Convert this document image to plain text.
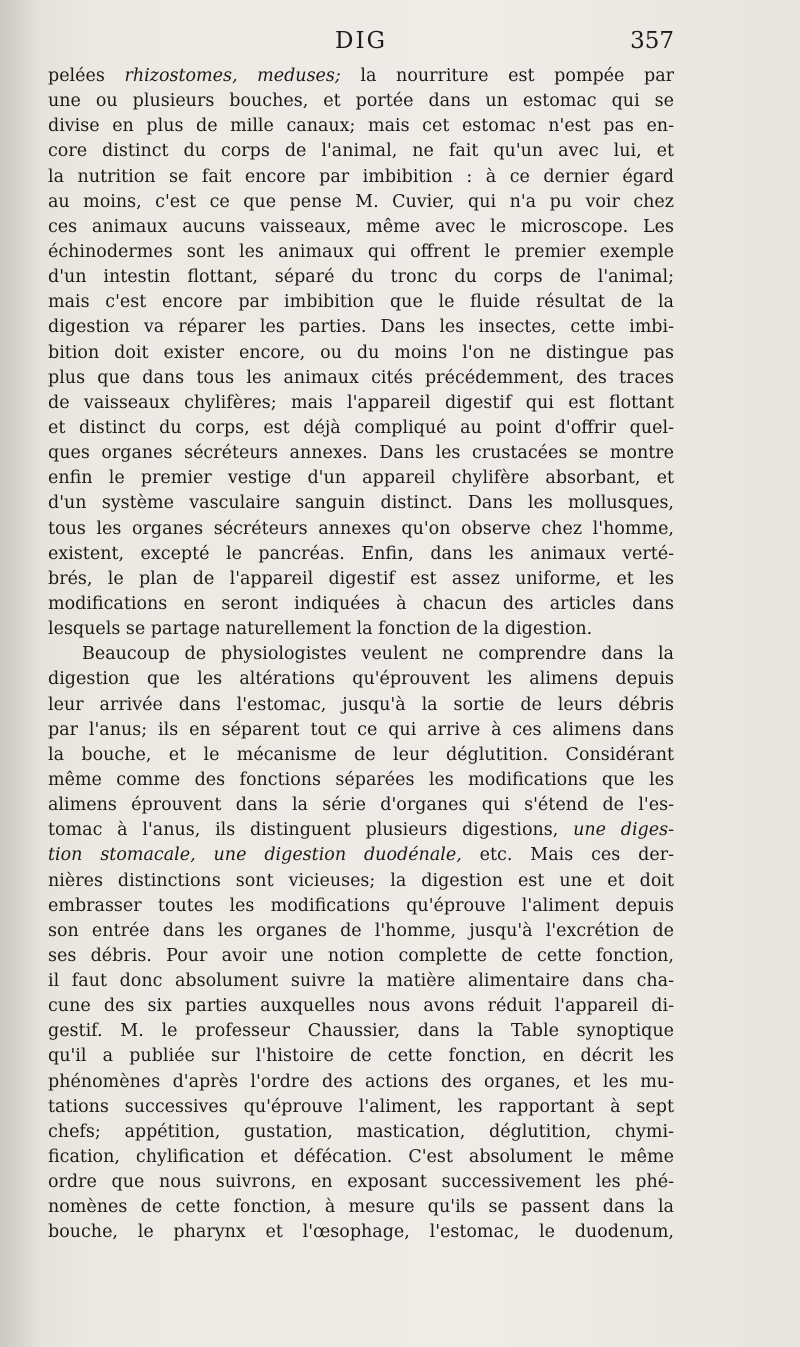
DIG	357
pelées rhizostomes, meduses; la nourriture est pompée par
une ou plusieurs bouches, et portée dans un estomac qui se
divise en plus de mille canaux; mais cet estomac n'est pas en-
core distinct du corps de l'animal, ne fait qu'un avec lui, et
la nutrition se fait encore par imbibition : à ce dernier égard
au moins, c'est ce que pense M. Cuvier, qui n'a pu voir chez
ces animaux aucuns vaisseaux, même avec le microscope. Les
échinodermes sont les animaux qui offrent le premier exemple
d'un intestin flottant, séparé du tronc du corps de l'animal;
mais c'est encore par imbibition que le fluide résultat de la
digestion va réparer les parties. Dans les insectes, cette imbi-
bition doit exister encore, ou du moins l'on ne distingue pas
plus que dans tous les animaux cités précédemment, des traces
de vaisseaux chylifères; mais l'appareil digestif qui est flottant
et distinct du corps, est déjà compliqué au point d'offrir quel-
ques organes sécréteurs annexes. Dans les crustacées se montre
enfin le premier vestige d'un appareil chylifère absorbant, et
d'un système vasculaire sanguin distinct. Dans les mollusques,
tous les organes sécréteurs annexes qu'on observe chez l'homme,
existent, excepté le pancréas. Enfin, dans les animaux verté-
brés, le plan de l'appareil digestif est assez uniforme, et les
modifications en seront indiquées à chacun des articles dans
lesquels se partage naturellement la fonction de la digestion.
Beaucoup de physiologistes veulent ne comprendre dans la
digestion que les altérations qu'éprouvent les alimens depuis
leur arrivée dans l'estomac, jusqu'à la sortie de leurs débris
par l'anus; ils en séparent tout ce qui arrive à ces alimens dans
la bouche, et le mécanisme de leur déglutition. Considérant
même comme des fonctions séparées les modifications que les
alimens éprouvent dans la série d'organes qui s'étend de l'es-
tomac à l'anus, ils distinguent plusieurs digestions, une diges-
tion stomacale, une digestion duodénale, etc. Mais ces der-
nières distinctions sont vicieuses; la digestion est une et doit
embrasser toutes les modifications qu'éprouve l'aliment depuis
son entrée dans les organes de l'homme, jusqu'à l'excrétion de
ses débris. Pour avoir une notion complette de cette fonction,
il faut donc absolument suivre la matière alimentaire dans cha-
cune des six parties auxquelles nous avons réduit l'appareil di-
gestif. M. le professeur Chaussier, dans la Table synoptique
qu'il a publiée sur l'histoire de cette fonction, en décrit les
phénomènes d'après l'ordre des actions des organes, et les mu-
tations successives qu'éprouve l'aliment, les rapportant à sept
chefs; appétition, gustation, mastication, déglutition, chymi-
fication, chylification et défécation. C'est absolument le même
ordre que nous suivrons, en exposant successivement les phé-
nomènes de cette fonction, à mesure qu'ils se passent dans la
bouche, le pharynx et l'œsophage, l'estomac, le duodenum,
